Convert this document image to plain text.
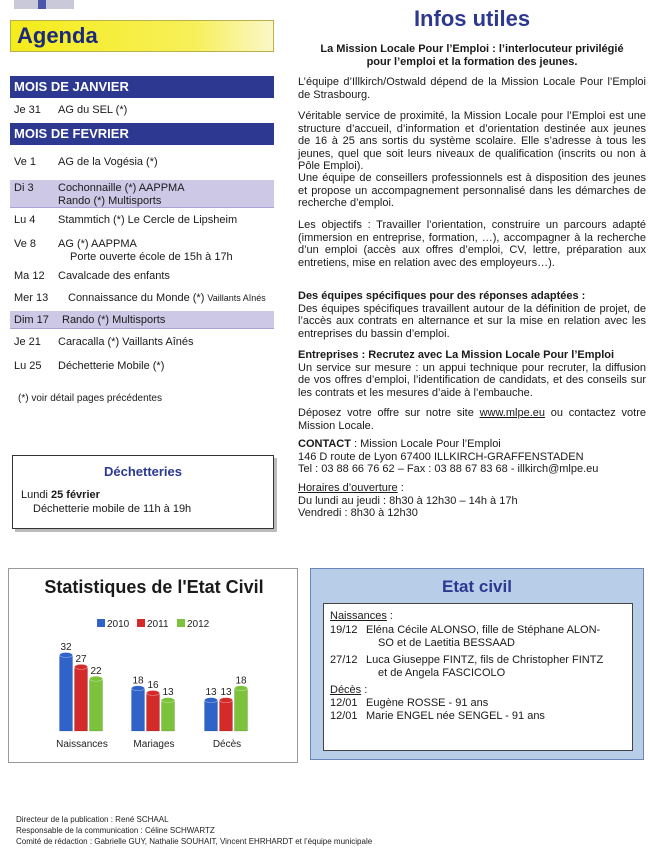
Agenda
MOIS DE JANVIER
Je 31 AG du SEL (*)
MOIS DE FEVRIER
Ve 1 AG de la Vogésia (*)
Di 3 Cochonnaille (*) AAPPMA
Rando (*) Multisports
Lu 4 Stammtich (*) Le Cercle de Lipsheim
Ve 8 AG (*) AAPPMA
Porte ouverte école de 15h à 17h
Ma 12 Cavalcade des enfants
Mer 13 Connaissance du Monde (*) Vaillants Aînés
Dim 17 Rando (*) Multisports
Je 21 Caracalla (*) Vaillants Aînés
Lu 25 Déchetterie Mobile (*)
(*) voir détail pages précédentes
Déchetteries
Lundi 25 février
Déchetterie mobile de 11h à 19h
Infos utiles
La Mission Locale Pour l’Emploi : l’interlocuteur privilégié
pour l’emploi et la formation des jeunes.
L’équipe d’Illkirch/Ostwald dépend de la Mission Locale Pour l’Emploi de Strasbourg.
Véritable service de proximité, la Mission Locale pour l’Emploi est une structure d’accueil, d’information et d’orientation destinée aux jeunes de 16 à 25 ans sortis du système scolaire. Elle s’adresse à tous les jeunes, quel que soit leurs niveaux de qualification (inscrits ou non à Pôle Emploi).
Une équipe de conseillers professionnels est à disposition des jeunes et propose un accompagnement personnalisé dans les démarches de recherche d’emploi.
Les objectifs : Travailler l’orientation, construire un parcours adapté (immersion en entreprise, formation, …), accompagner à la recherche d’un emploi (accès aux offres d’emploi, CV, lettre, préparation aux entretiens, mise en relation avec des employeurs…).
Des équipes spécifiques pour des réponses adaptées :
Des équipes spécifiques travaillent autour de la définition de projet, de l’accès aux contrats en alternance et sur la mise en relation avec les entreprises du bassin d’emploi.
Entreprises : Recrutez avec La Mission Locale Pour l’Emploi
Un service sur mesure : un appui technique pour recruter, la diffusion de vos offres d’emploi, l’identification de candidats, et des conseils sur les contrats et les mesures d’aide à l’embauche.
Déposez votre offre sur notre site www.mlpe.eu ou contactez votre Mission Locale.
CONTACT : Mission Locale Pour l’Emploi
146 D route de Lyon 67400 ILLKIRCH-GRAFFENSTADEN
Tel : 03 88 66 76 62 – Fax : 03 88 67 83 68 - illkirch@mlpe.eu
Horaires d’ouverture :
Du lundi au jeudi : 8h30 à 12h30 – 14h à 17h
Vendredi : 8h30 à 12h30
Statistiques de l'Etat Civil
2010 2011 2012
32
27
22
Naissances
18 16
13
Mariages
13 13
18
Décès
Etat civil
Naissances :
19/12 Eléna Cécile ALONSO, fille de Stéphane ALON-
SO et de Laetitia BESSAAD
27/12 Luca Giuseppe FINTZ, fils de Christopher FINTZ
et de Angela FASCICOLO
Décès :
12/01 Eugène ROSSE - 91 ans
12/01 Marie ENGEL née SENGEL - 91 ans
Directeur de la publication : René SCHAAL
Responsable de la communication : Céline SCHWARTZ
Comité de rédaction : Gabrielle GUY, Nathalie SOUHAIT, Vincent EHRHARDT et l’équipe municipale
